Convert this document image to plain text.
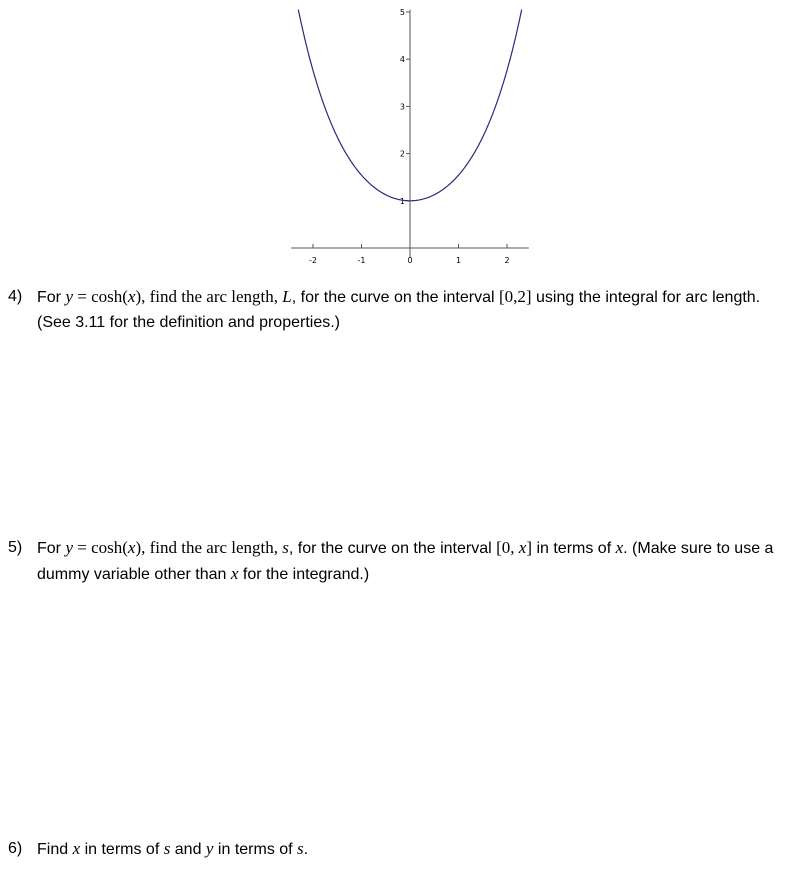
-2	-1	0	1	2
1
2
3
4
5
4) For y = cosh(x), find the arc length, L, for the curve on the interval [0,2] using the integral for arc length. (See 3.11 for the definition and properties.)
5) For y = cosh(x), find the arc length, s, for the curve on the interval [0, x] in terms of x. (Make sure to use a dummy variable other than x for the integrand.)
6) Find x in terms of s and y in terms of s.
